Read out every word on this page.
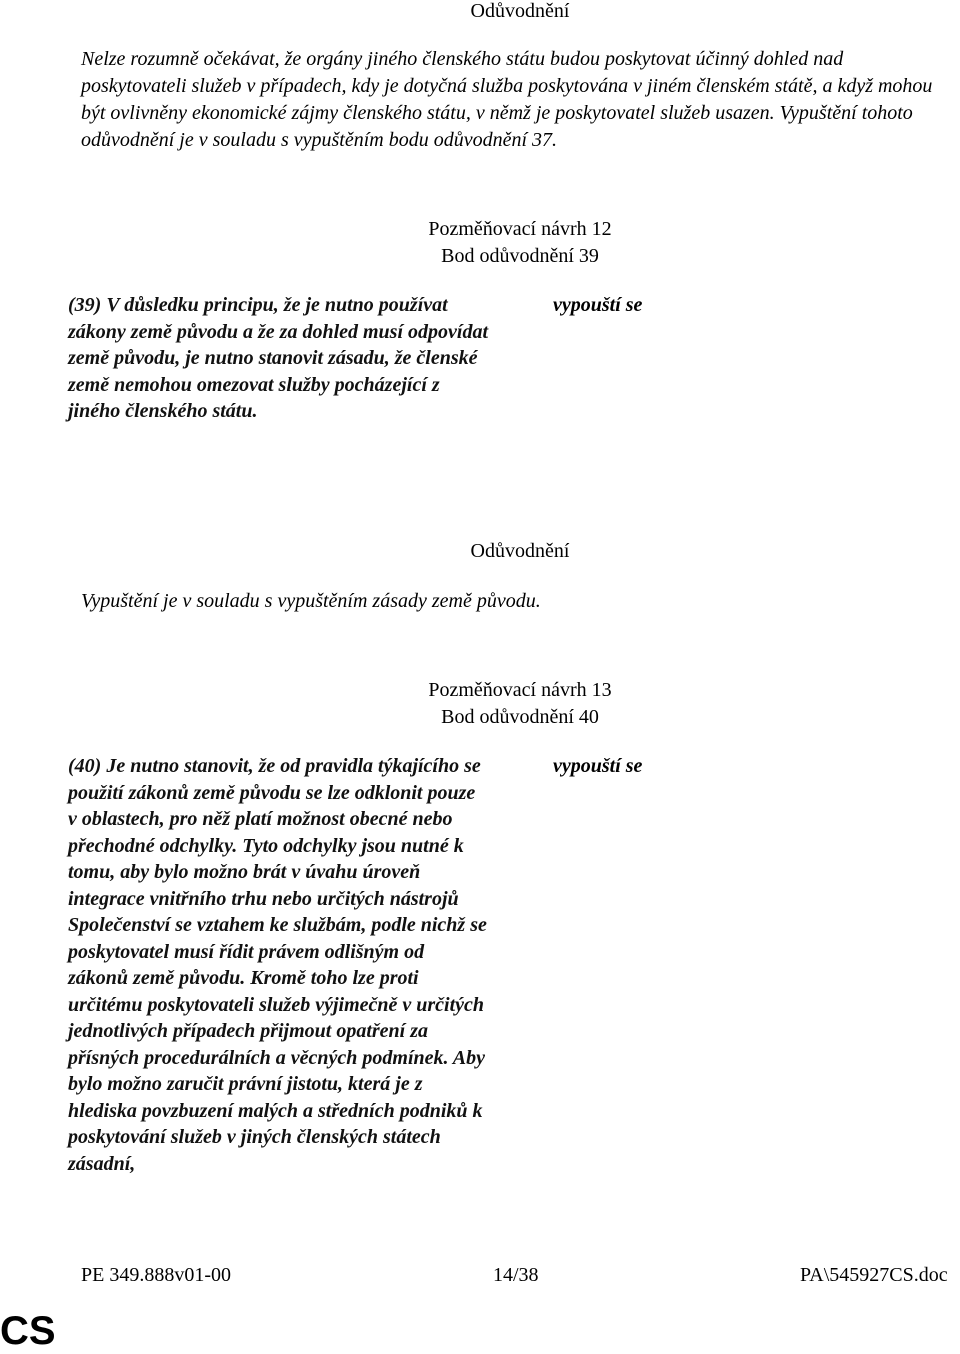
Odůvodnění
Nelze rozumně očekávat, že orgány jiného členského státu budou poskytovat účinný dohled nad poskytovateli služeb v případech, kdy je dotyčná služba poskytována v jiném členském státě, a když mohou být ovlivněny ekonomické zájmy členského státu, v němž je poskytovatel služeb usazen. Vypuštění tohoto odůvodnění je v souladu s vypuštěním bodu odůvodnění 37.
Pozměňovací návrh 12
Bod odůvodnění 39
(39) V důsledku principu, že je nutno používat zákony země původu a že za dohled musí odpovídat země původu, je nutno stanovit zásadu, že členské země nemohou omezovat služby pocházející z jiného členského státu.
vypouští se
Odůvodnění
Vypuštění je v souladu s vypuštěním zásady země původu.
Pozměňovací návrh 13
Bod odůvodnění 40
(40) Je nutno stanovit, že od pravidla týkajícího se použití zákonů země původu se lze odklonit pouze v oblastech, pro něž platí možnost obecné nebo přechodné odchylky. Tyto odchylky jsou nutné k tomu, aby bylo možno brát v úvahu úroveň integrace vnitřního trhu nebo určitých nástrojů Společenství se vztahem ke službám, podle nichž se poskytovatel musí řídit právem odlišným od zákonů země původu. Kromě toho lze proti určitému poskytovateli služeb výjimečně v určitých jednotlivých případech přijmout opatření za přísných procedurálních a věcných podmínek. Aby bylo možno zaručit právní jistotu, která je z hlediska povzbuzení malých a středních podniků k poskytování služeb v jiných členských státech zásadní,
vypouští se
PE 349.888v01-00	14/38	PA\545927CS.doc
CS
